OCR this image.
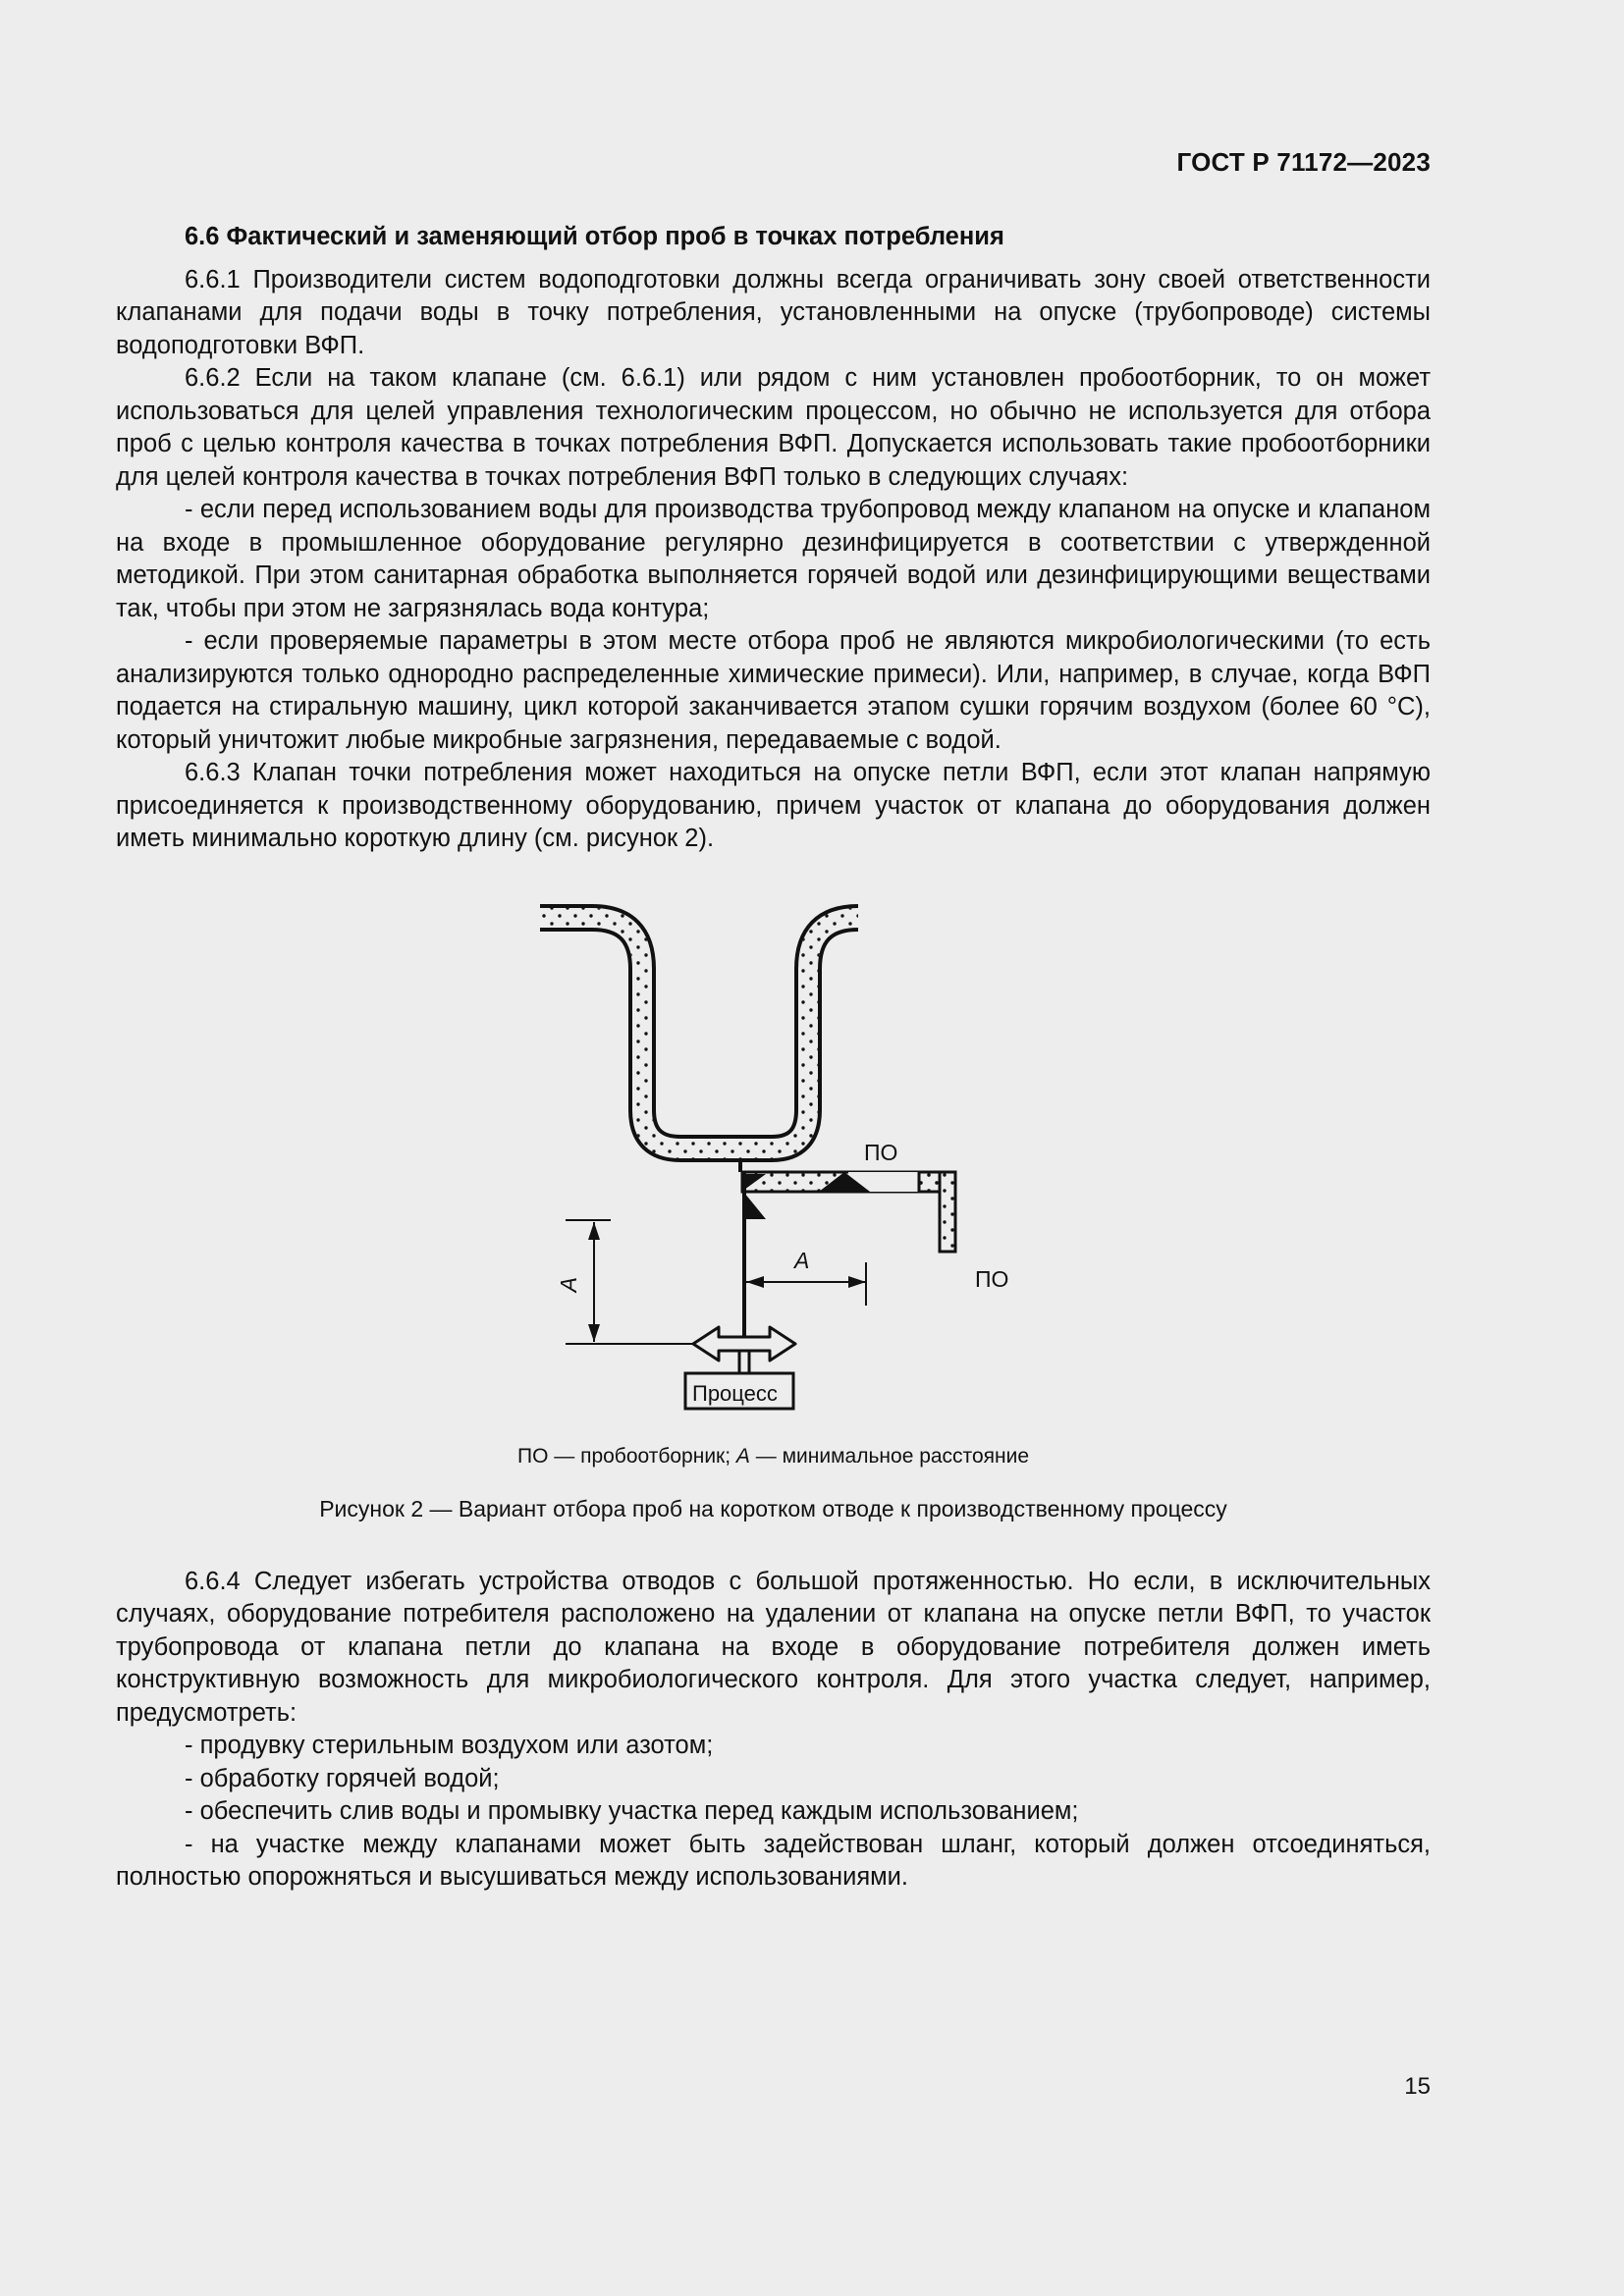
ГОСТ Р 71172—2023

6.6 Фактический и заменяющий отбор проб в точках потребления

6.6.1 Производители систем водоподготовки должны всегда ограничивать зону своей ответственности клапанами для подачи воды в точку потребления, установленными на опуске (трубопроводе) системы водоподготовки ВФП.

6.6.2 Если на таком клапане (см. 6.6.1) или рядом с ним установлен пробоотборник, то он может использоваться для целей управления технологическим процессом, но обычно не используется для отбора проб с целью контроля качества в точках потребления ВФП. Допускается использовать такие пробоотборники для целей контроля качества в точках потребления ВФП только в следующих случаях:

- если перед использованием воды для производства трубопровод между клапаном на опуске и клапаном на входе в промышленное оборудование регулярно дезинфицируется в соответствии с утвержденной методикой. При этом санитарная обработка выполняется горячей водой или дезинфицирующими веществами так, чтобы при этом не загрязнялась вода контура;

- если проверяемые параметры в этом месте отбора проб не являются микробиологическими (то есть анализируются только однородно распределенные химические примеси). Или, например, в случае, когда ВФП подается на стиральную машину, цикл которой заканчивается этапом сушки горячим воздухом (более 60 °С), который уничтожит любые микробные загрязнения, передаваемые с водой.

6.6.3 Клапан точки потребления может находиться на опуске петли ВФП, если этот клапан напрямую присоединяется к производственному оборудованию, причем участок от клапана до оборудования должен иметь минимально короткую длину (см. рисунок 2).

ПО
ПО
А
А
Процесс

ПО — пробоотборник; А — минимальное расстояние

Рисунок 2 — Вариант отбора проб на коротком отводе к производственному процессу

6.6.4 Следует избегать устройства отводов с большой протяженностью. Но если, в исключительных случаях, оборудование потребителя расположено на удалении от клапана на опуске петли ВФП, то участок трубопровода от клапана петли до клапана на входе в оборудование потребителя должен иметь конструктивную возможность для микробиологического контроля. Для этого участка следует, например, предусмотреть:

- продувку стерильным воздухом или азотом;

- обработку горячей водой;

- обеспечить слив воды и промывку участка перед каждым использованием;

- на участке между клапанами может быть задействован шланг, который должен отсоединяться, полностью опорожняться и высушиваться между использованиями.

15
